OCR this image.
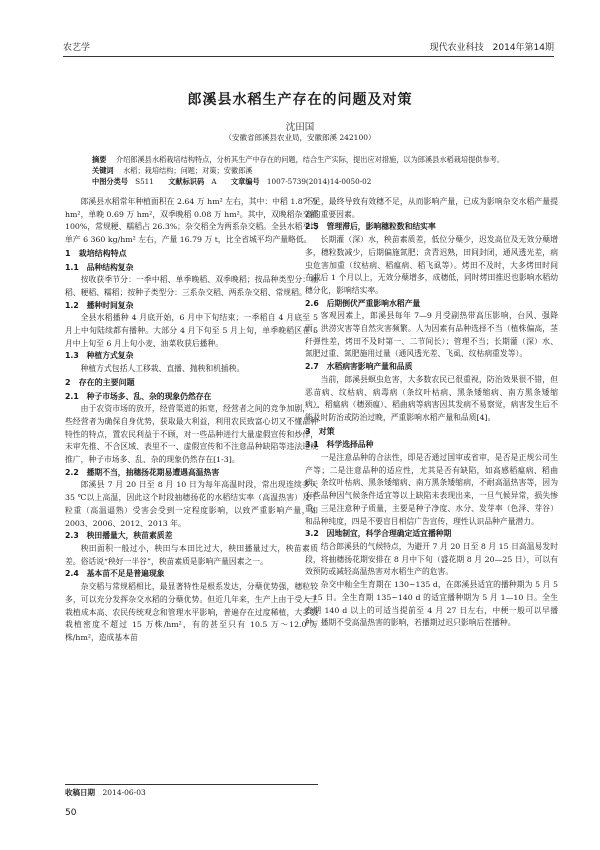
农艺学	现代农业科技　2014年第14期
郎溪县水稻生产存在的问题及对策
沈田国
（安徽省郎溪县农业局，安徽郎溪 242100）
摘要　 介绍郎溪县水稻栽培结构特点，分析其生产中存在的问题，结合生产实际，提出应对措施，以为郎溪县水稻栽培提供参考。
关键词　 水稻；栽培结构；问题；对策；安徽郎溪
中图分类号　 S511　　 文献标识码　 A　　 文章编号　 1007-5739(2014)14-0050-02

郎溪县水稻常年种植面积在 2.64 万 hm² 左右，其中：中稻 1.87 万 hm²，单晚 0.69 万 hm²，双季晚稻 0.08 万 hm²。其中，双晚稻杂交稻 100%，常规粳、糯稻占 26.3%；杂交稻全为两系杂交稻。全县水稻平均单产 6 360 kg/hm² 左右，产量 16.79 万 t，比全省城平均产量略低。

1　栽培结构特点
1.1　品种结构复杂

按收获季节分：一季中稻、单季晚稻、双季晚稻；按品种类型分：籼稻、粳稻、糯稻；按种子类型分：三系杂交稻、两系杂交稻、常规稻。

1.2　播种时间复杂

全县水稻播种 4 月底开始，6 月中下旬结束；一季稻自 4 月底至 5 月上中旬陆续都有播种。大部分 4 月下旬至 5 月上旬，单季晚稻区在 5 月中上旬至 6 月上旬小麦、油菜收获后播种。

1.3　种植方式复杂

种植方式包括人工移栽、直播、抛秧和机插秧。

2　存在的主要问题
2.1　种子市场多、乱、杂的现象仍然存在

由于农资市场的放开，经营渠道的拓宽，经营者之间的竞争加剧，一些经营者为确保自身优势，获取最大利益，利用农民致富心切又不懂品种特性的特点，置农民利益于不顾，对一些品种进行大量虚假宣传和炒作，未审先推、不合区域、表里不一、虚假宣传和不注意品种缺陷等违法违规推广，种子市场多、乱、杂的现象仍然存在[1-3]。

2.2　播期不当，抽穗扬花期易遭遇高温热害

郎溪县 7 月 20 日至 8 月 10 日为每年高温时段，常出现连续多天 35 ℃以上高温，因此这个时段抽穗扬花的水稻结实率（高温热害）及千粒重（高温逼熟）受害会受到一定程度影响，以致严重影响产量，如 2003、2006、2012、2013 年。

2.3　秧田播量大，秧苗素质差

秧田面积一般过小，秧田与本田比过大，秧田播量过大，秧苗素质差。俗话说“秧好一半谷”，秧苗素质是影响产量因素之一。

2.4　基本苗不足是普遍现象

杂交稻与常规稻相比，最显著特性是根系发达，分蘖优势强，穗粒较多，可以充分发挥杂交水稻的分蘖优势。但近几年来，生产上由于受人工栽植成本高、农民传统观念和管理水平影响，普遍存在过度稀植，大多数栽植密度不超过 15 万株/hm²，有的甚至只有 10.5 万～12.0 万株/hm²，造成基本苗

不足，最终导致有效穗不足，从而影响产量，已成为影响杂交水稻产量提高的重要因素。

2.5　管理滞后，影响穗粒数和结实率

长期灌（深）水，秧苗素质差，低位分蘖少，迟发高位及无效分蘖增多，穗粒数减少，后期偏施氮肥；贪青迟熟，田间封闭，通风透光差，病虫危害加重（纹枯病、稻瘟病、稻飞虱等）。烤田不及时，大多烤田时间在栽后 1 个月以上，无效分蘖增多，成穗低，同时烤田推迟也影响水稻幼穗分化，影响结实率。

2.6　后期倒伏严重影响水稻产量

客观因素上，郎溪县每年 7—9 月受副热带高压影响，台风、强降雨、洪涝灾害等自然灾害频繁。人为因素有品种选择不当（植株偏高，茎秆弹性差，烤田不及时第一、二节间长）；管理不当；长期灌（深）水、氮肥过重、氮肥施用过量（通风透光差、飞虱、纹枯病重发等）。

2.7　水稻病害影响产量和品质

当前，郎溪县螟虫危害，大多数农民已很重视，防治效果很不错，但恶苗病、纹枯病、病毒病（条纹叶枯病、黑条矮缩病、南方黑条矮缩病）、稻瘟病（穗颈瘟）、稻曲病等病害因其发病不易察觉，病害发生后不能及时防治或防治过晚，严重影响水稻产量和品质[4]。

3　对策
3.1　科学选择品种

一是注意品种的合法性，即是否通过国审或省审，是否是正规公司生产等；二是注意品种的适应性，尤其是否有缺陷，如高感稻瘟病、稻曲病、条纹叶枯病、黑条矮缩病、南方黑条矮缩病，不耐高温热害等，因为有些品种因气候条件适宜等以上缺陷未表现出来，一旦气候异常，损失惨重；三是注意种子质量，主要是种子净度、水分、发芽率（色泽、芽谷）和品种纯度，四是不要盲目相信广告宣传，理性认识品种产量潜力。

3.2　因地制宜，科学合理确定适宜播种期

结合郎溪县的气候特点，为避开 7 月 20 日至 8 月 15 日高温易发时段，将抽穗扬花期安排在 8 月中下旬（盛花期 8 月 20—25 日），可以有效预防或减轻高温热害对水稻生产的危害。

杂交中籼全生育期在 130~135 d，在郎溪县适宜的播种期为 5 月 5—15 日。全生育期 135~140 d 的适宜播种期为 5 月 1—10 日。全生育期 140 d 以上的可适当提前至 4 月 27 日左右，中梗一般可以早播种，播期不受高温热害的影响，若播期过迟只影响后茬播种。

收稿日期　 2014-06-03
50
